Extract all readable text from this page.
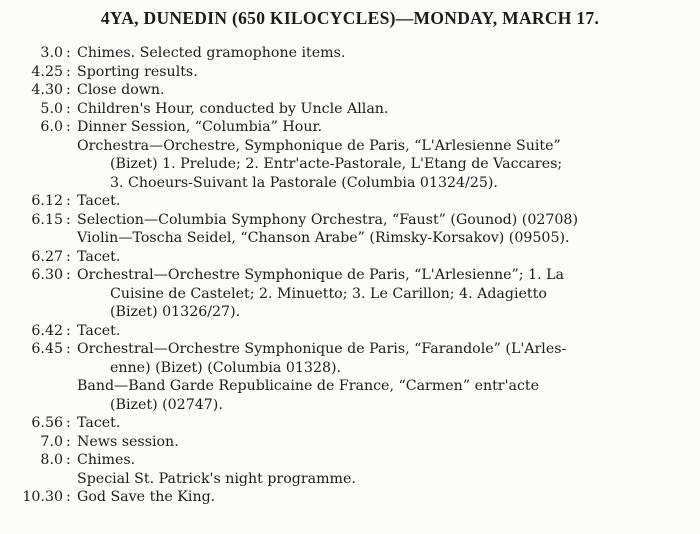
4YA, DUNEDIN (650 KILOCYCLES)—MONDAY, MARCH 17.
3.0 : Chimes. Selected gramophone items.
4.25 : Sporting results.
4.30 : Close down.
5.0 : Children's Hour, conducted by Uncle Allan.
6.0 : Dinner Session, “Columbia” Hour.
Orchestra—Orchestre, Symphonique de Paris, “L'Arlesienne Suite”
(Bizet) 1. Prelude; 2. Entr'acte-Pastorale, L'Etang de Vaccares;
3. Choeurs-Suivant la Pastorale (Columbia 01324/25).
6.12 : Tacet.
6.15 : Selection—Columbia Symphony Orchestra, “Faust” (Gounod) (02708)
Violin—Toscha Seidel, “Chanson Arabe” (Rimsky-Korsakov) (09505).
6.27 : Tacet.
6.30 : Orchestral—Orchestre Symphonique de Paris, “L'Arlesienne”; 1. La
Cuisine de Castelet; 2. Minuetto; 3. Le Carillon; 4. Adagietto
(Bizet) 01326/27).
6.42 : Tacet.
6.45 : Orchestral—Orchestre Symphonique de Paris, “Farandole” (L'Arles-
enne) (Bizet) (Columbia 01328).
Band—Band Garde Republicaine de France, “Carmen” entr'acte
(Bizet) (02747).
6.56 : Tacet.
7.0 : News session.
8.0 : Chimes.
Special St. Patrick's night programme.
10.30 : God Save the King.
